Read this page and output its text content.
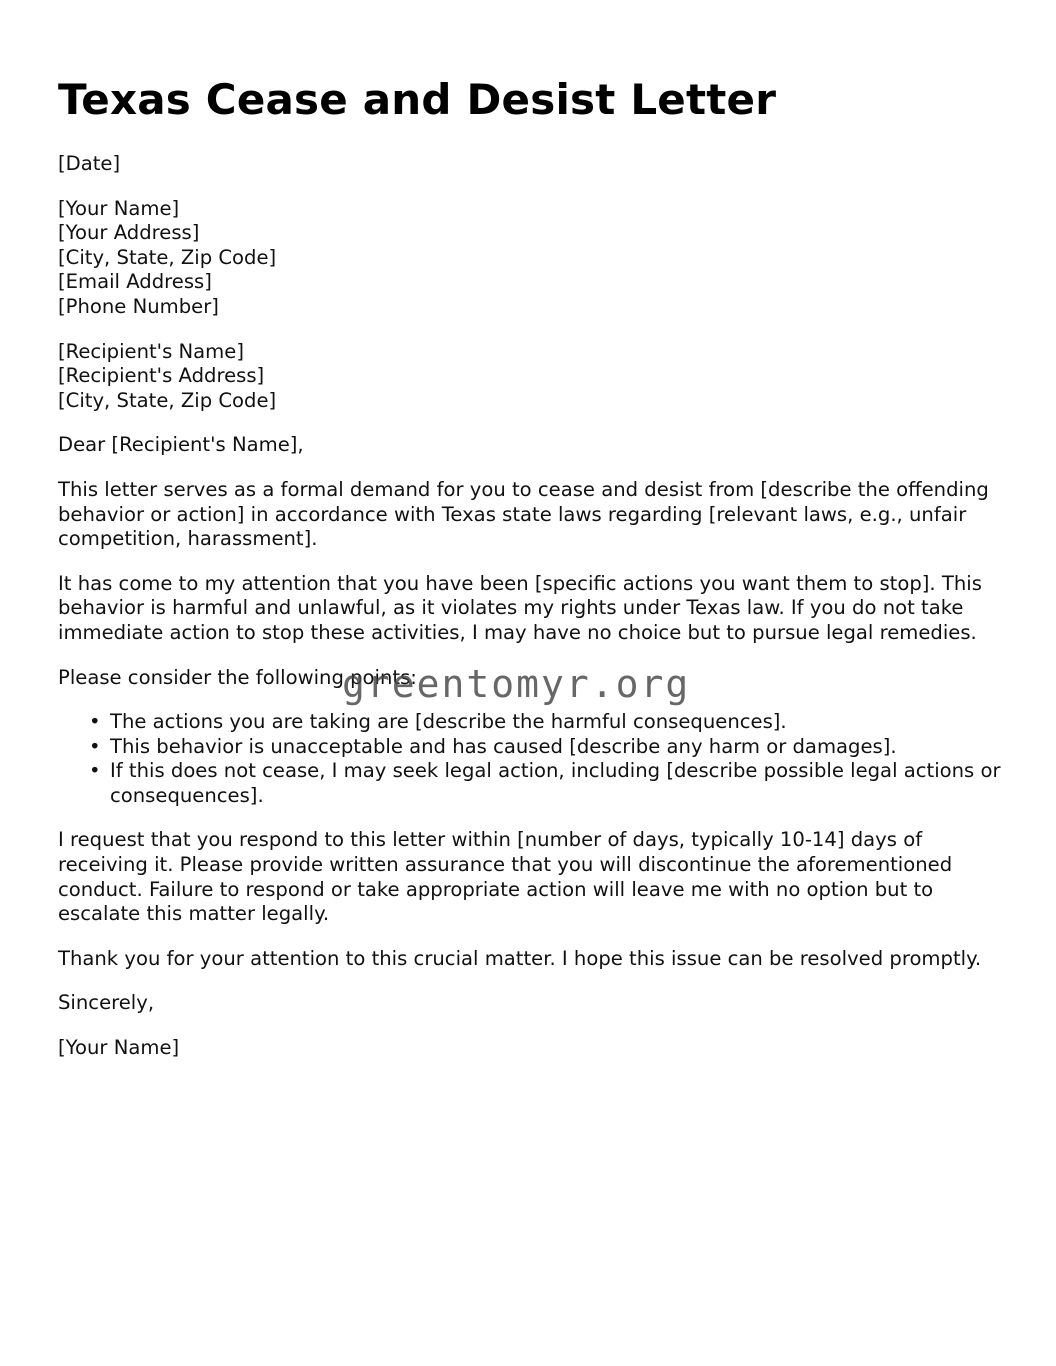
Texas Cease and Desist Letter

[Date]

[Your Name]

[Your Address]

[City, State, Zip Code]

[Email Address]

[Phone Number]

[Recipient's Name]

[Recipient's Address]

[City, State, Zip Code]

Dear [Recipient's Name],

This letter serves as a formal demand for you to cease and desist from [describe the offending behavior or action] in accordance with Texas state laws regarding [relevant laws, e.g., unfair competition, harassment].

It has come to my attention that you have been [specific actions you want them to stop]. This behavior is harmful and unlawful, as it violates my rights under Texas law. If you do not take immediate action to stop these activities, I may have no choice but to pursue legal remedies.

Please consider the following points:

• The actions you are taking are [describe the harmful consequences].
• This behavior is unacceptable and has caused [describe any harm or damages].
• If this does not cease, I may seek legal action, including [describe possible legal actions or consequences].

I request that you respond to this letter within [number of days, typically 10-14] days of receiving it. Please provide written assurance that you will discontinue the aforementioned conduct. Failure to respond or take appropriate action will leave me with no option but to escalate this matter legally.

Thank you for your attention to this crucial matter. I hope this issue can be resolved promptly.

Sincerely,

[Your Name]

greentomyr.org
